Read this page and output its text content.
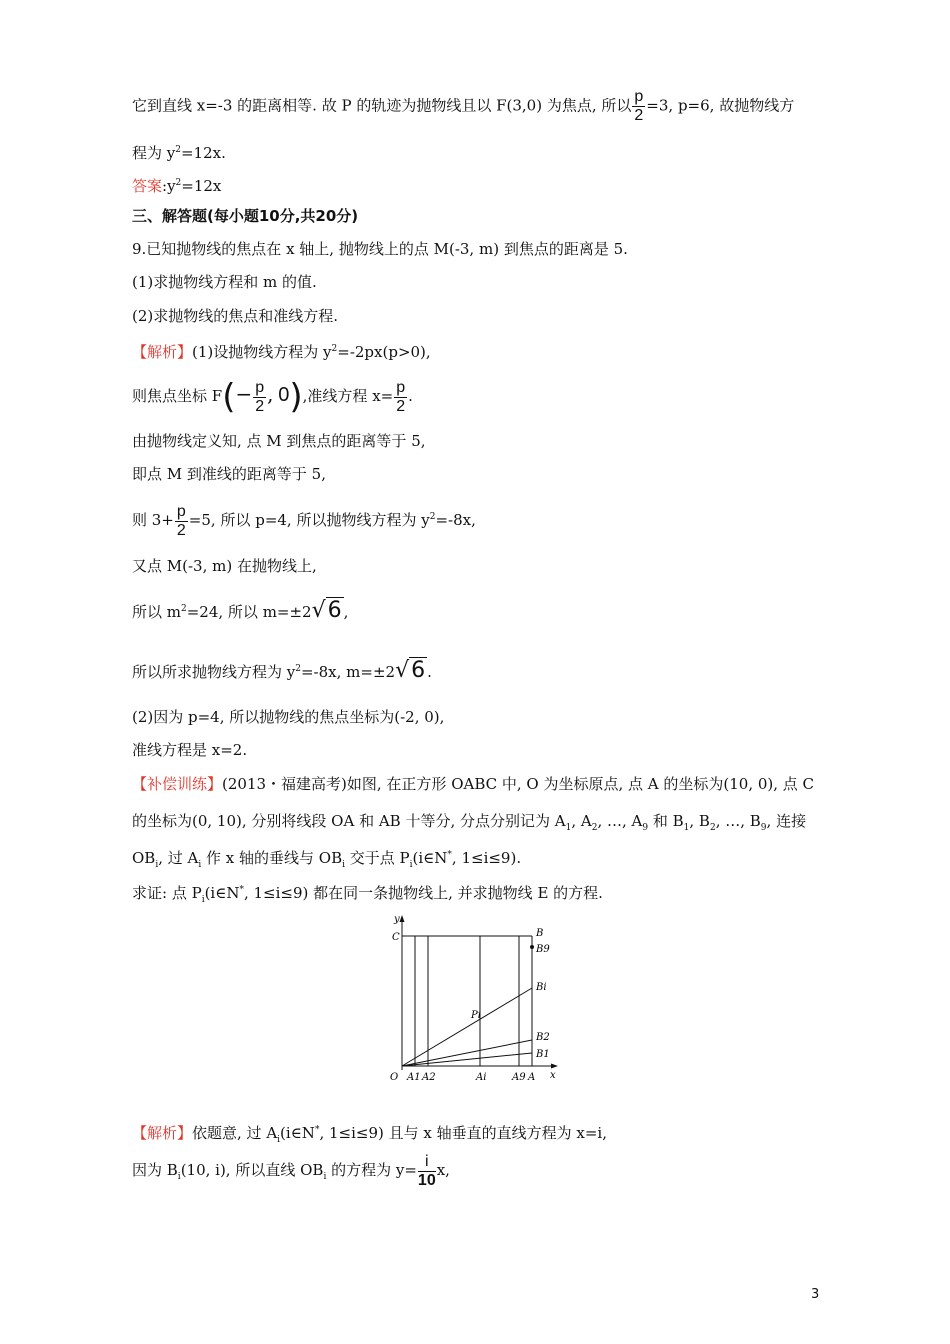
它到直线 x=-3 的距离相等. 故 P 的轨迹为抛物线且以 F(3,0) 为焦点, 所以 $\frac{p}{2} =3$, p=6, 故抛物线方
程为 $y^2=12x$.
答案$:y^2=12x$
三、解答题(每小题10分,共20分)
9.已知抛物线的焦点在 x 轴上, 抛物线上的点 M(-3, m) 到焦点的距离是 5.
(1)求抛物线方程和 m 的值.
(2)求抛物线的焦点和准线方程.
【解析】(1)设抛物线方程为 $y^2=-2px(p>0)$,
则焦点坐标 $F(- \frac{p}{2}$ , 0),准线方程 $x= \frac{p}{2}$ .
由抛物线定义知, 点 M 到焦点的距离等于 5,
即点 M 到准线的距离等于 5,
则 $3+ \frac{p}{2} =5$, 所以 p=4, 所以抛物线方程为 $y^2=-8x$,
又点 M(-3, m) 在抛物线上,
所以 $m^2=24$, 所以 m=±2√6 ,
所以所求抛物线方程为 $y^2=-8x$, m=±2√6 .
(2)因为 p=4, 所以抛物线的焦点坐标为(-2, 0),
准线方程是 x=2.
【补偿训练】(2013・福建高考)如图, 在正方形 OABC 中, O 为坐标原点, 点 A 的坐标为(10, 0), 点 C
的坐标为(0, 10), 分别将线段 OA 和 AB 十等分, 分点分别记为 $A_1$, $A_2$, …, $A_9$ 和 $B_1$, $B_2$, …, $B_9$, 连接
$OB_i$, 过 $A_i$ 作 x 轴的垂线与 $OB_i$ 交于点 $P_i(i\in N^*$, 1≤i≤9).
求证: 点 $P_i(i\in N^*$, 1≤i≤9) 都在同一条抛物线上, 并求抛物线 E 的方程.
y
C	B
B9
Bi
Pi
B2
B1
O A1 A2	Ai	A9 A x
【解析】依题意, 过 $A_i(i\in N^*$, 1≤i≤9) 且与 x 轴垂直的直线方程为 x=i,
因为 $B_i(10$, i), 所以直线 $OB_i$ 的方程为 $y= \frac{i}{10} x$,
3
